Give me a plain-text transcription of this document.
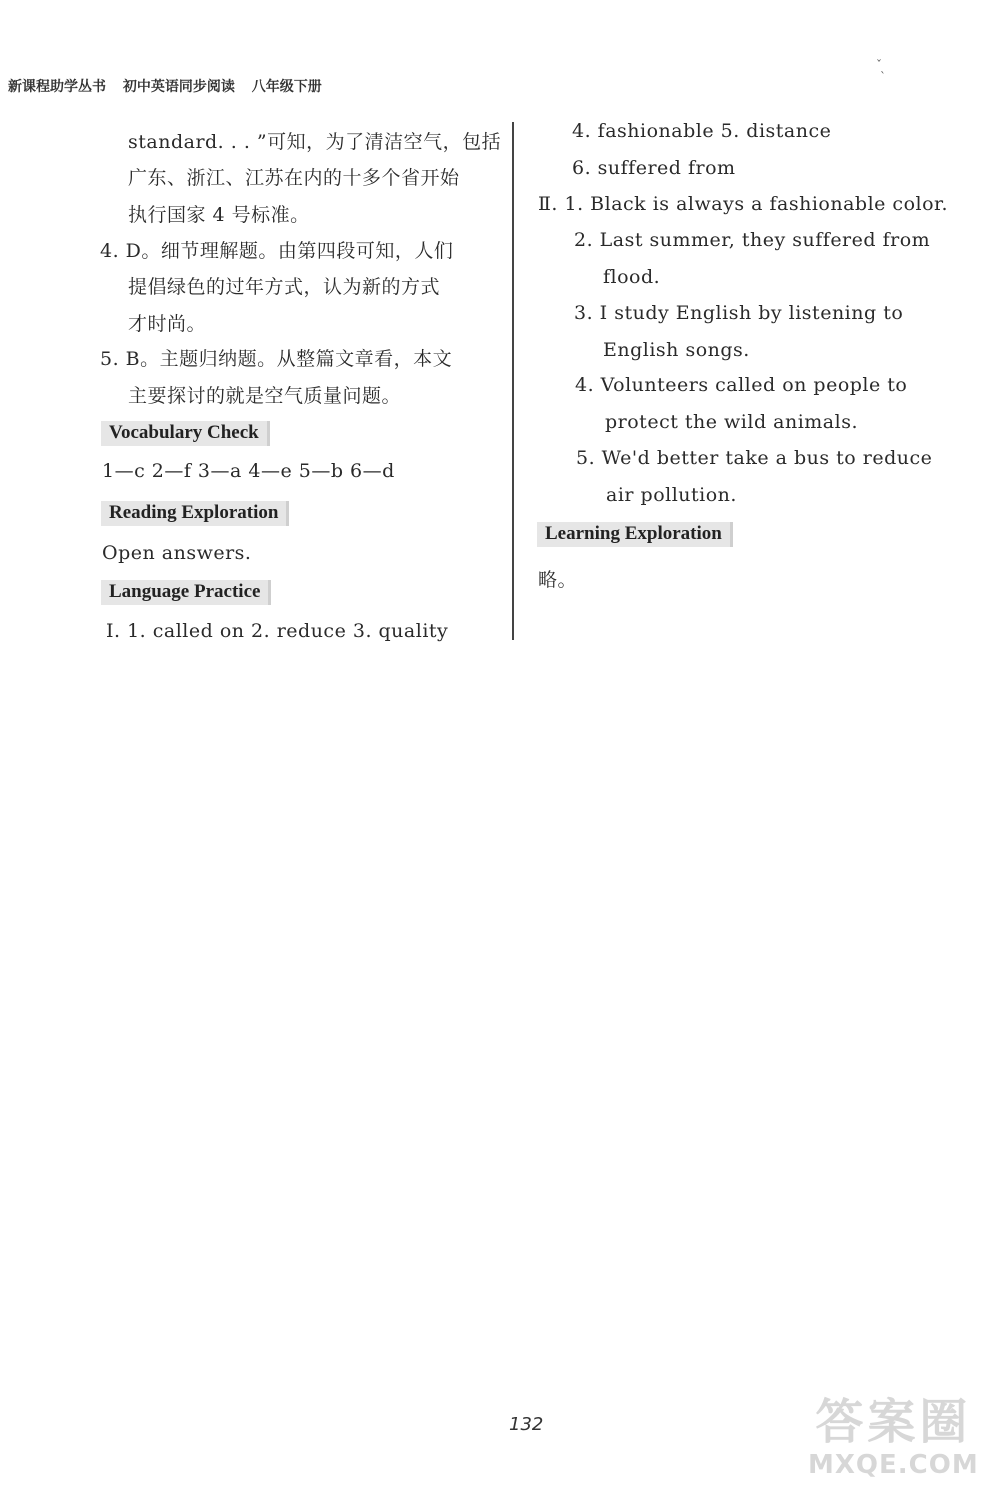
新课程助学丛书 初中英语同步阅读 八年级下册
ˇ
ˋ
standard. . . ”可知，为了清洁空气，包括
广东、浙江、江苏在内的十多个省开始
执行国家 4 号标准。
4. D。细节理解题。由第四段可知，人们
提倡绿色的过年方式，认为新的方式
才时尚。
5. B。主题归纳题。从整篇文章看，本文
主要探讨的就是空气质量问题。
Vocabulary Check
1—c 2—f 3—a 4—e 5—b 6—d
Reading Exploration
Open answers.
Language Practice
Ⅰ. 1. called on 2. reduce 3. quality
4. fashionable 5. distance
6. suffered from
Ⅱ. 1. Black is always a fashionable color.
2. Last summer, they suffered from
flood.
3. I study English by listening to
English songs.
4. Volunteers called on people to
protect the wild animals.
5. We'd better take a bus to reduce
air pollution.
Learning Exploration
略。
132	答案圈
MXQE.COM
